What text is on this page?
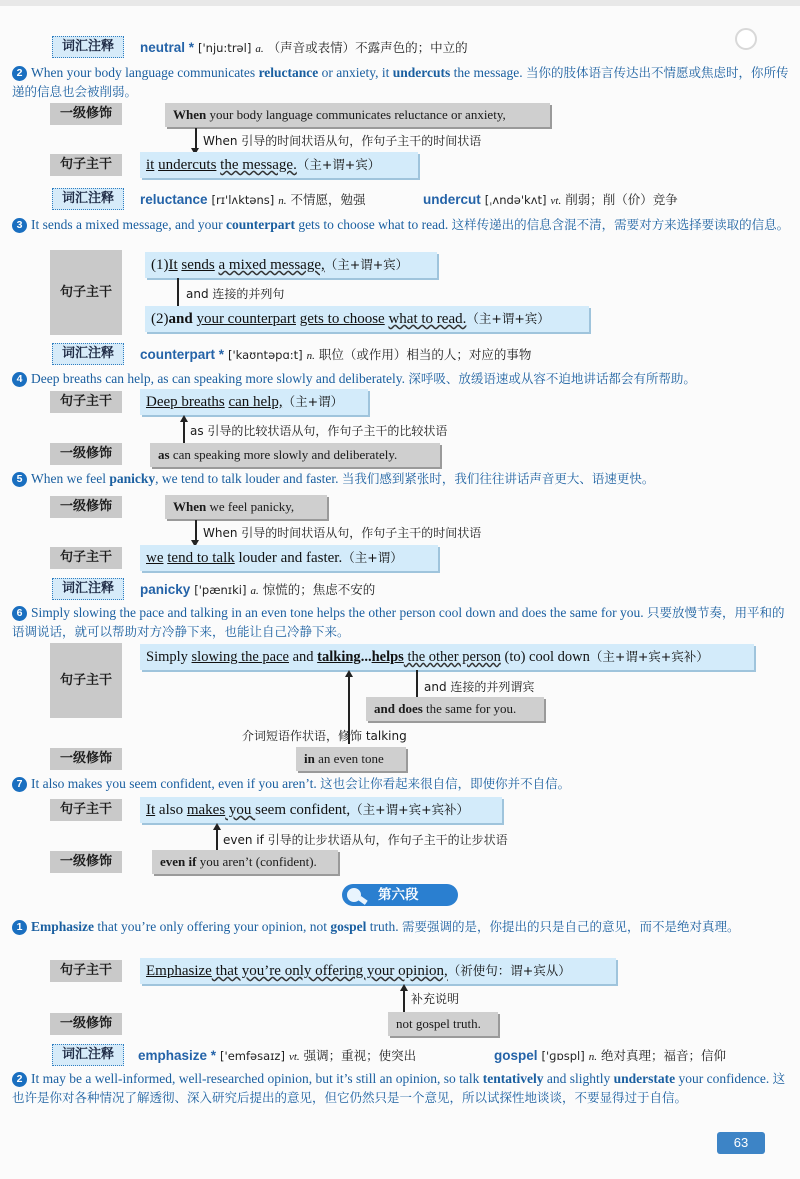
词汇注释	neutral * ['nju:trəl] a. （声音或表情）不露声色的；中立的
2 When your body language communicates reluctance or anxiety, it undercuts the message. 当你的肢体语言传达出不情愿或焦虑时，你所传递的信息也会被削弱。
一级修饰	When your body language communicates reluctance or anxiety,
When 引导的时间状语从句，作句子主干的时间状语
句子主干	it undercuts the message.（主+谓+宾）
词汇注释	reluctance [rɪ'lʌktəns] n. 不情愿，勉强	undercut [ˌʌndə'kʌt] vt. 削弱；削（价）竞争
3 It sends a mixed message, and your counterpart gets to choose what to read. 这样传递出的信息含混不清，需要对方来选择要读取的信息。
句子主干
(1)It sends a mixed message,（主+谓+宾）
and 连接的并列句
(2)and your counterpart gets to choose what to read.（主+谓+宾）
词汇注释	counterpart * ['kaʊntəpɑ:t] n. 职位（或作用）相当的人；对应的事物
4 Deep breaths can help, as can speaking more slowly and deliberately. 深呼吸、放缓语速或从容不迫地讲话都会有所帮助。
句子主干	Deep breaths can help,（主+谓）
as 引导的比较状语从句，作句子主干的比较状语
一级修饰	as can speaking more slowly and deliberately.
5 When we feel panicky, we tend to talk louder and faster. 当我们感到紧张时，我们往往讲话声音更大、语速更快。
一级修饰	When we feel panicky,
When 引导的时间状语从句，作句子主干的时间状语
句子主干	we tend to talk louder and faster.（主+谓）
词汇注释	panicky ['pænɪki] a. 惊慌的；焦虑不安的
6 Simply slowing the pace and talking in an even tone helps the other person cool down and does the same for you. 只要放慢节奏，用平和的语调说话，就可以帮助对方冷静下来，也能让自己冷静下来。
句子主干
Simply slowing the pace and talking...helps the other person (to) cool down（主+谓+宾+宾补）
and 连接的并列谓宾
and does the same for you.
介词短语作状语，修饰 talking
一级修饰	in an even tone
7 It also makes you seem confident, even if you aren’t. 这也会让你看起来很自信，即使你并不自信。
句子主干	It also makes you seem confident,（主+谓+宾+宾补）
even if 引导的让步状语从句，作句子主干的让步状语
一级修饰	even if you aren’t (confident).
第六段
1 Emphasize that you’re only offering your opinion, not gospel truth. 需要强调的是，你提出的只是自己的意见，而不是绝对真理。
句子主干	Emphasize that you’re only offering your opinion,（祈使句：谓+宾从）
补充说明
一级修饰	not gospel truth.
词汇注释	emphasize * ['emfəsaɪz] vt. 强调；重视；使突出	gospel ['ɡɒspl] n. 绝对真理；福音；信仰
2 It may be a well-informed, well-researched opinion, but it’s still an opinion, so talk tentatively and slightly understate your confidence. 这也许是你对各种情况了解透彻、深入研究后提出的意见，但它仍然只是一个意见，所以试探性地谈谈，不要显得过于自信。
63
